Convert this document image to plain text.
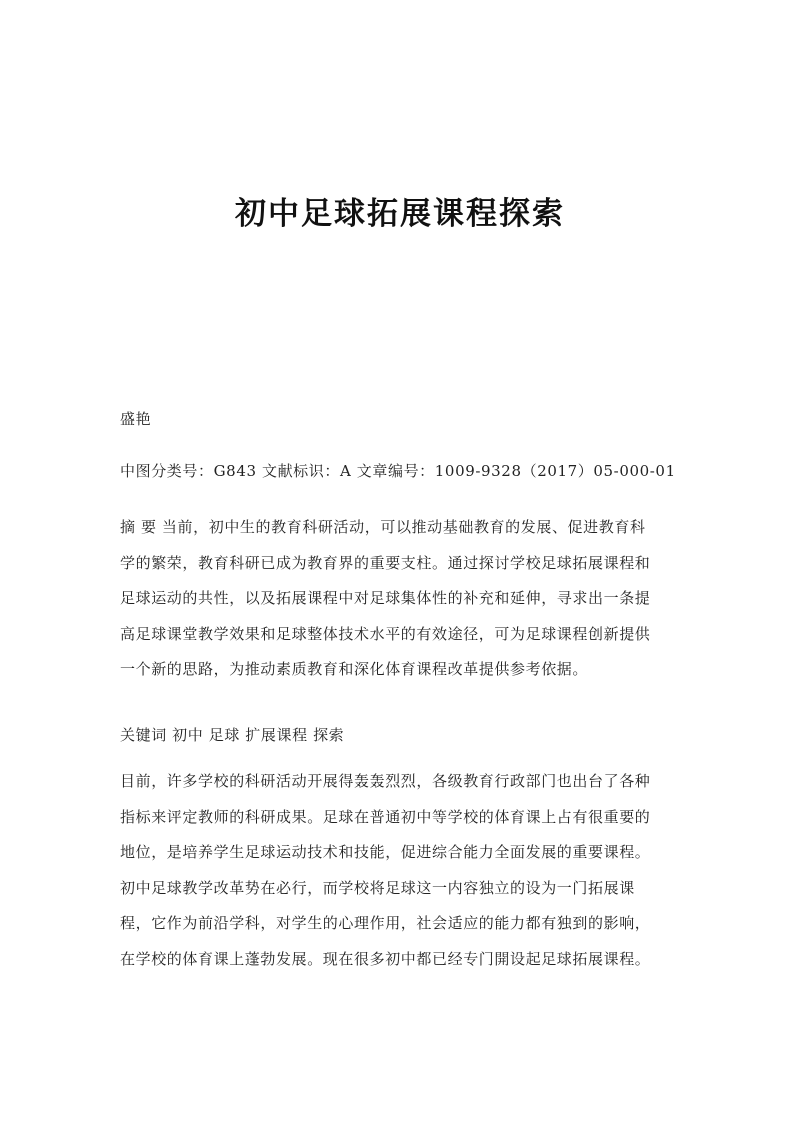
初中足球拓展课程探索
盛艳
中图分类号：G843 文献标识：A 文章编号：1009-9328（2017）05-000-01
摘 要 当前，初中生的教育科研活动，可以推动基础教育的发展、促进教育科
学的繁荣，教育科研已成为教育界的重要支柱。通过探讨学校足球拓展课程和
足球运动的共性，以及拓展课程中对足球集体性的补充和延伸，寻求出一条提
高足球课堂教学效果和足球整体技术水平的有效途径，可为足球课程创新提供
一个新的思路，为推动素质教育和深化体育课程改革提供参考依据。
关键词 初中 足球 扩展课程 探索
目前，许多学校的科研活动开展得轰轰烈烈，各级教育行政部门也出台了各种
指标来评定教师的科研成果。足球在普通初中等学校的体育课上占有很重要的
地位，是培养学生足球运动技术和技能，促进综合能力全面发展的重要课程。
初中足球教学改革势在必行，而学校将足球这一内容独立的设为一门拓展课
程，它作为前沿学科，对学生的心理作用，社会适应的能力都有独到的影响，
在学校的体育课上蓬勃发展。现在很多初中都已经专门開设起足球拓展课程。
